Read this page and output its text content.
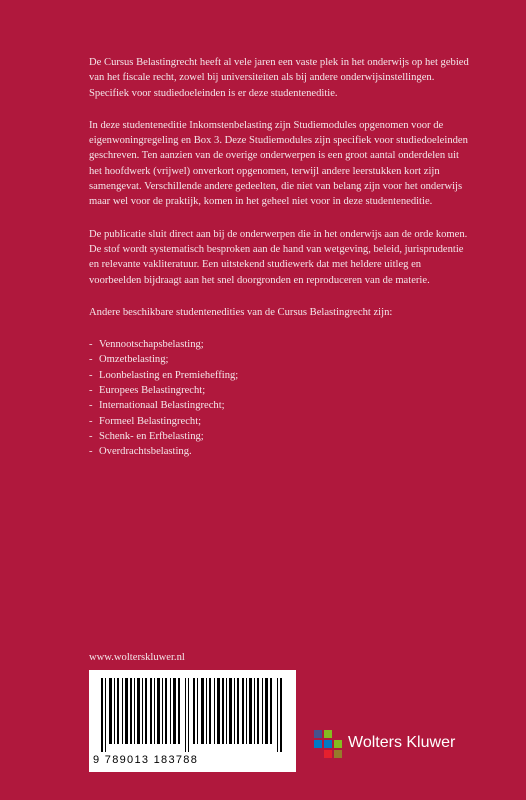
De Cursus Belastingrecht heeft al vele jaren een vaste plek in het onderwijs op het gebied van het fiscale recht, zowel bij universiteiten als bij andere onderwijsinstellingen. Specifiek voor studiedoeleinden is er deze studenteneditie.

In deze studenteneditie Inkomstenbelasting zijn Studiemodules opgenomen voor de eigenwoningregeling en Box 3. Deze Studiemodules zijn specifiek voor studiedoeleinden geschreven. Ten aanzien van de overige onderwerpen is een groot aantal onderdelen uit het hoofdwerk (vrijwel) onverkort opgenomen, terwijl andere leerstukken kort zijn samengevat. Verschillende andere gedeelten, die niet van belang zijn voor het onderwijs maar wel voor de praktijk, komen in het geheel niet voor in deze studenteneditie.

De publicatie sluit direct aan bij de onderwerpen die in het onderwijs aan de orde komen. De stof wordt systematisch besproken aan de hand van wetgeving, beleid, jurisprudentie en relevante vakliteratuur. Een uitstekend studiewerk dat met heldere uitleg en voorbeelden bijdraagt aan het snel doorgronden en reproduceren van de materie.

Andere beschikbare studentenedities van de Cursus Belastingrecht zijn:

- Vennootschapsbelasting;
- Omzetbelasting;
- Loonbelasting en Premieheffing;
- Europees Belastingrecht;
- Internationaal Belastingrecht;
- Formeel Belastingrecht;
- Schenk- en Erfbelasting;
- Overdrachtsbelasting.
www.wolterskluwer.nl
9 789013 183788
Wolters Kluwer
